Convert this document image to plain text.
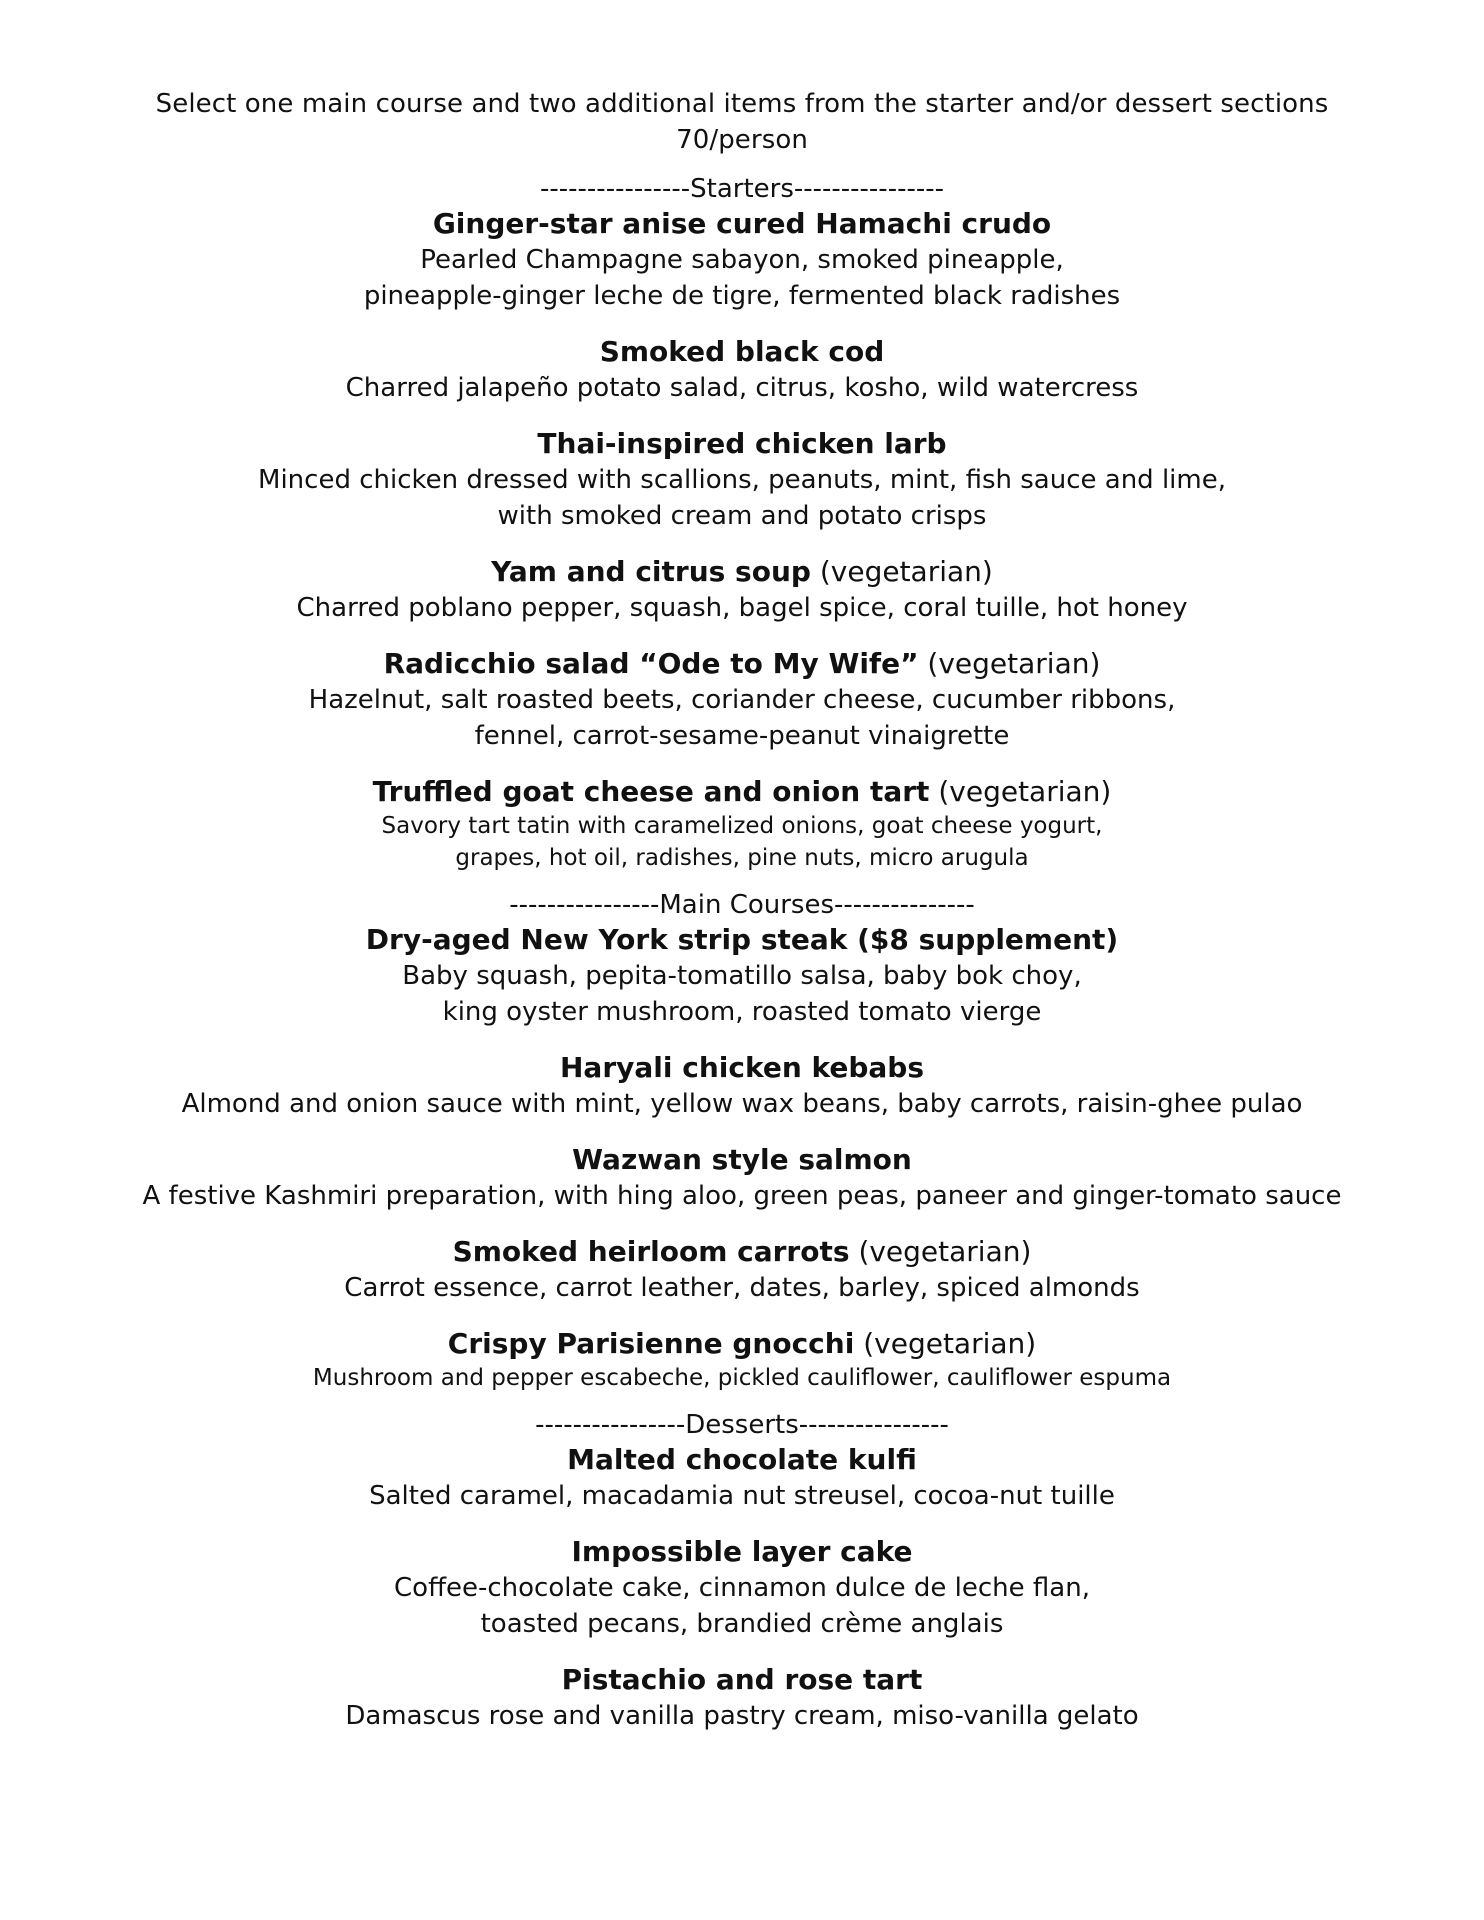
Select one main course and two additional items from the starter and/or dessert sections
70/person
----------------Starters----------------
Ginger-star anise cured Hamachi crudo
Pearled Champagne sabayon, smoked pineapple,
pineapple-ginger leche de tigre, fermented black radishes
Smoked black cod
Charred jalapeño potato salad, citrus, kosho, wild watercress
Thai-inspired chicken larb
Minced chicken dressed with scallions, peanuts, mint, fish sauce and lime,
with smoked cream and potato crisps
Yam and citrus soup (vegetarian)
Charred poblano pepper, squash, bagel spice, coral tuille, hot honey
Radicchio salad “Ode to My Wife” (vegetarian)
Hazelnut, salt roasted beets, coriander cheese, cucumber ribbons,
fennel, carrot-sesame-peanut vinaigrette
Truffled goat cheese and onion tart (vegetarian)
Savory tart tatin with caramelized onions, goat cheese yogurt,
grapes, hot oil, radishes, pine nuts, micro arugula
----------------Main Courses---------------
Dry-aged New York strip steak ($8 supplement)
Baby squash, pepita-tomatillo salsa, baby bok choy,
king oyster mushroom, roasted tomato vierge
Haryali chicken kebabs
Almond and onion sauce with mint, yellow wax beans, baby carrots, raisin-ghee pulao
Wazwan style salmon
A festive Kashmiri preparation, with hing aloo, green peas, paneer and ginger-tomato sauce
Smoked heirloom carrots (vegetarian)
Carrot essence, carrot leather, dates, barley, spiced almonds
Crispy Parisienne gnocchi (vegetarian)
Mushroom and pepper escabeche, pickled cauliflower, cauliflower espuma
----------------Desserts----------------
Malted chocolate kulfi
Salted caramel, macadamia nut streusel, cocoa-nut tuille
Impossible layer cake
Coffee-chocolate cake, cinnamon dulce de leche flan,
toasted pecans, brandied crème anglais
Pistachio and rose tart
Damascus rose and vanilla pastry cream, miso-vanilla gelato
